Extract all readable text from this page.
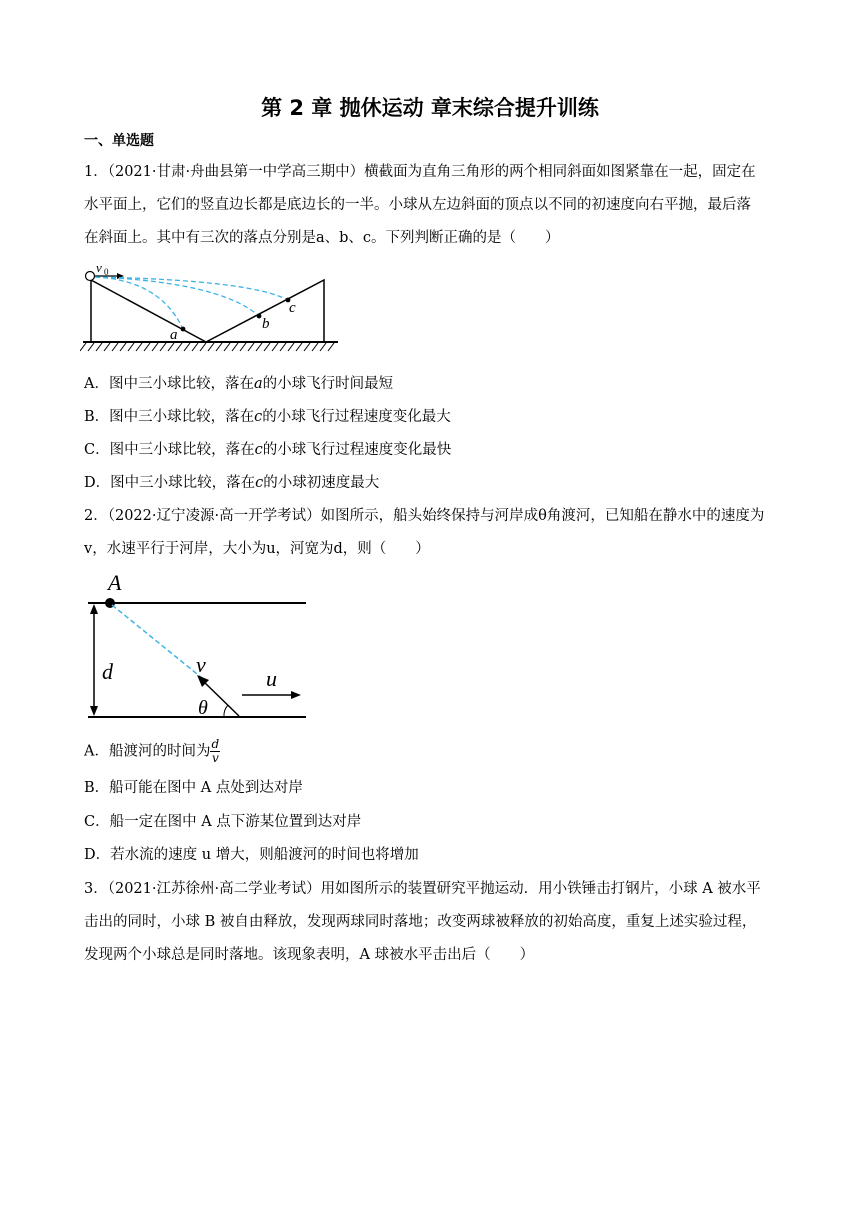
第 2 章 抛休运动 章末综合提升训练
一、单选题
1．（2021·甘肃·舟曲县第一中学高三期中）横截面为直角三角形的两个相同斜面如图紧靠在一起，固定在
水平面上，它们的竖直边长都是底边长的一半。小球从左边斜面的顶点以不同的初速度向右平抛，最后落
在斜面上。其中有三次的落点分别是a、b、c。下列判断正确的是（　　）
v 0
a
b
c
A．图中三小球比较，落在a的小球飞行时间最短
B．图中三小球比较，落在c的小球飞行过程速度变化最大
C．图中三小球比较，落在c的小球飞行过程速度变化最快
D．图中三小球比较，落在c的小球初速度最大
2．（2022·辽宁凌源·高一开学考试）如图所示，船头始终保持与河岸成θ角渡河，已知船在静水中的速度为
v，水速平行于河岸，大小为u，河宽为d，则（　　）
A
d	v
u
θ
A．船渡河的时间为 $\frac{d}{v}$
B．船可能在图中 A 点处到达对岸
C．船一定在图中 A 点下游某位置到达对岸
D．若水流的速度 u 增大，则船渡河的时间也将增加
3．（2021·江苏徐州·高二学业考试）用如图所示的装置研究平抛运动．用小铁锤击打钢片，小球 A 被水平
击出的同时，小球 B 被自由释放，发现两球同时落地；改变两球被释放的初始高度，重复上述实验过程，
发现两个小球总是同时落地。该现象表明，A 球被水平击出后（　　）
